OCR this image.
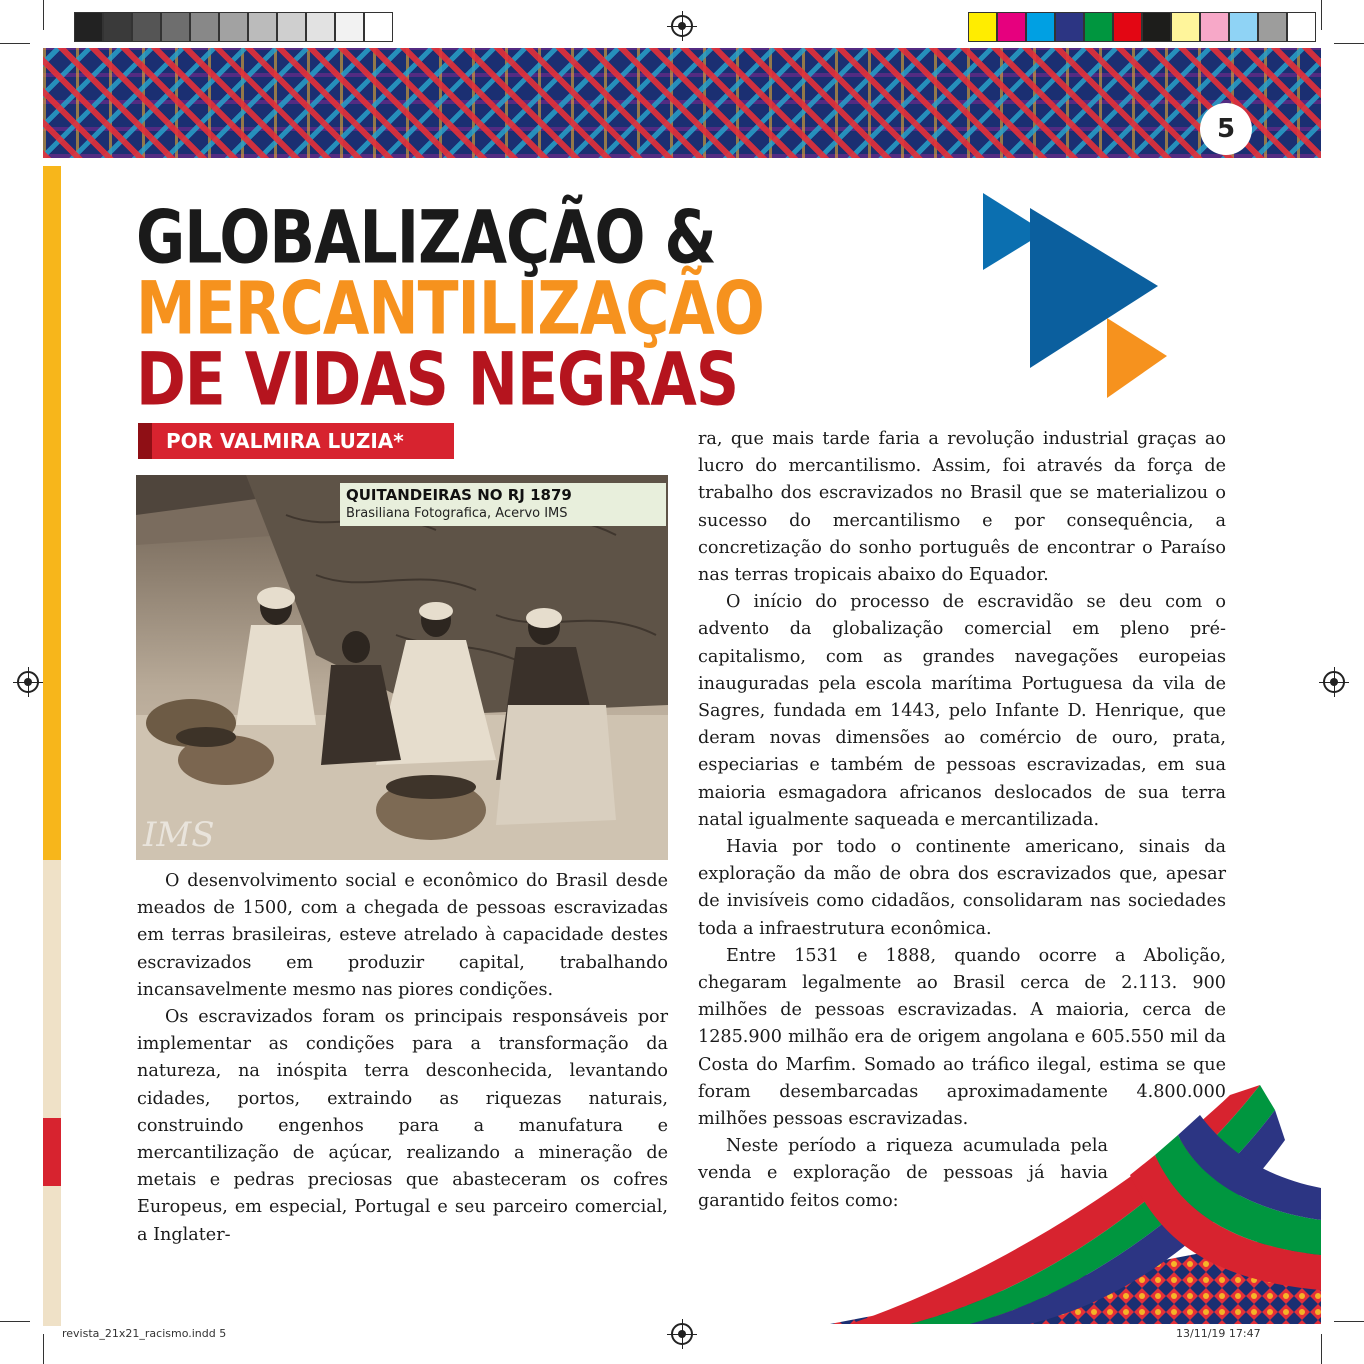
5
GLOBALIZAÇÃO &
MERCANTILIZAÇÃO
DE VIDAS NEGRAS
POR VALMIRA LUZIA*
IMS
QUITANDEIRAS NO RJ 1879
Brasiliana Fotografica, Acervo IMS

O desenvolvimento social e econômico do Brasil desde meados de 1500, com a chegada de pessoas escravizadas em terras brasileiras, esteve atrelado à capacidade destes escravizados em produzir capital, trabalhando incansavelmente mesmo nas piores condições.

Os escravizados foram os principais responsáveis por implementar as condições para a transformação da natureza, na inóspita terra desconhecida, levantando cidades, portos, extraindo as riquezas naturais, construindo engenhos para a manufatura e mercantilização de açúcar, realizando a mineração de metais e pedras preciosas que abasteceram os cofres Europeus, em especial, Portugal e seu parceiro comercial, a Inglater-

ra, que mais tarde faria a revolução industrial graças ao lucro do mercantilismo. Assim, foi através da força de trabalho dos escravizados no Brasil que se materializou o sucesso do mercantilismo e por consequência, a concretização do sonho português de encontrar o Paraíso nas terras tropicais abaixo do Equador.

O início do processo de escravidão se deu com o advento da globalização comercial em pleno pré-capitalismo, com as grandes navegações europeias inauguradas pela escola marítima Portuguesa da vila de Sagres, fundada em 1443, pelo Infante D. Henrique, que deram novas dimensões ao comércio de ouro, prata, especiarias e também de pessoas escravizadas, em sua maioria esmagadora africanos deslocados de sua terra natal igualmente saqueada e mercantilizada.

Havia por todo o continente americano, sinais da exploração da mão de obra dos escravizados que, apesar de invisíveis como cidadãos, consolidaram nas sociedades toda a infraestrutura econômica.

Entre 1531 e 1888, quando ocorre a Abolição, chegaram legalmente ao Brasil cerca de 2.113. 900 milhões de pessoas escravizadas. A maioria, cerca de 1285.900 milhão era de origem angolana e 605.550 mil da Costa do Marfim. Somado ao tráfico ilegal, estima se que foram desembarcadas aproximadamente 4.800.000 milhões pessoas escravizadas.

Neste período a riqueza acumulada pela venda e exploração de pessoas já havia garantido feitos como:

revista_21x21_racismo.indd 5	13/11/19 17:47
